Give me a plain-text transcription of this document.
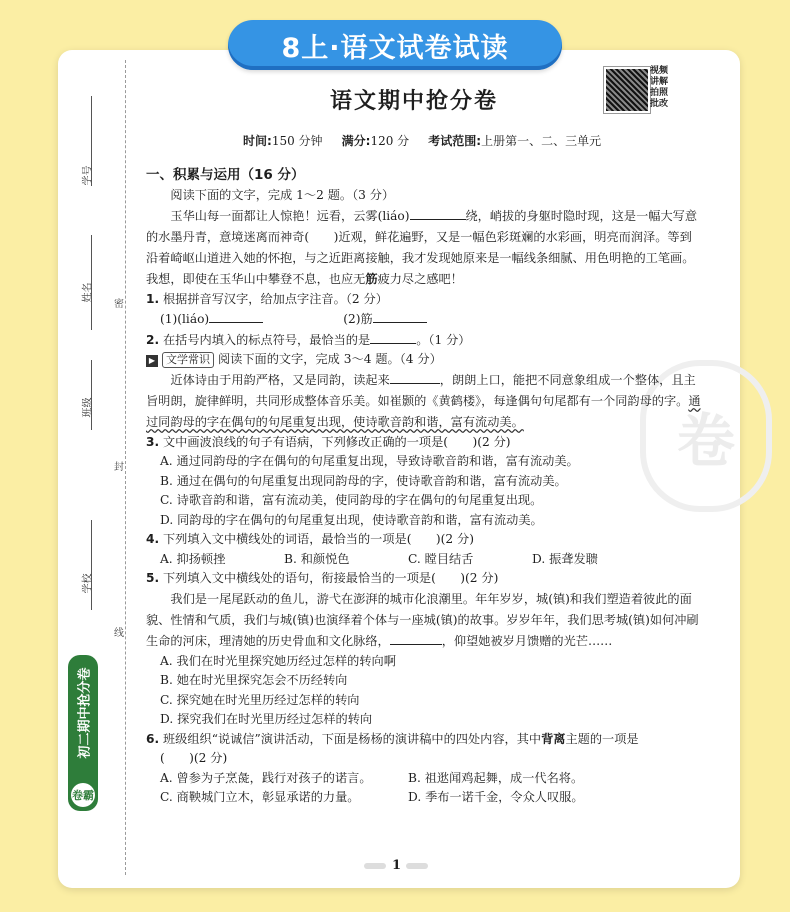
8上·语文试卷试读
卷
学号
姓名
班级
学校
密
封
线
初二期中抢分卷
卷霸
语文期中抢分卷
视频讲解拍照批改
时间:150 分钟 满分:120 分 考试范围:上册第一、二、三单元

一、积累与运用（16 分）

阅读下面的文字，完成 1～2 题。（3 分）

玉华山每一面都让人惊艳！远看，云雾(liáo)	绕，峭拔的身躯时隐时现，这是一幅大写意的水墨丹青，意境迷离而神奇(　　)近观，鲜花遍野，又是一幅色彩斑斓的水彩画，明亮而润泽。等到沿着崎岖山道进入她的怀抱，与之近距离接触，我才发现她原来是一幅线条细腻、用色明艳的工笔画。我想，即使在玉华山中攀登不息，也应无筋疲力尽之感吧！

1. 根据拼音写汉字，给加点字注音。（2 分）

(1)(liáo)	(2)筋

2. 在括号内填入的标点符号，最恰当的是	。（1 分）

▶ 文学常识 阅读下面的文字，完成 3～4 题。（4 分）

近体诗由于用韵严格，又是同韵，读起来	，朗朗上口，能把不同意象组成一个整体，且主旨明朗，旋律鲜明，共同形成整体音乐美。如崔颢的《黄鹤楼》，每逢偶句句尾都有一个同韵母的字。通过同韵母的字在偶句的句尾重复出现，使诗歌音韵和谐，富有流动美。

3. 文中画波浪线的句子有语病，下列修改正确的一项是(　　)(2 分)

A. 通过同韵母的字在偶句的句尾重复出现，导致诗歌音韵和谐，富有流动美。

B. 通过在偶句的句尾重复出现同韵母的字，使诗歌音韵和谐，富有流动美。

C. 诗歌音韵和谐，富有流动美，使同韵母的字在偶句的句尾重复出现。

D. 同韵母的字在偶句的句尾重复出现，使诗歌音韵和谐，富有流动美。

4. 下列填入文中横线处的词语，最恰当的一项是(　　)(2 分)

A. 抑扬顿挫	B. 和颜悦色	C. 瞠目结舌	D. 振聋发聩

5. 下列填入文中横线处的语句，衔接最恰当的一项是(　　)(2 分)

我们是一尾尾跃动的鱼儿，游弋在澎湃的城市化浪潮里。年年岁岁，城(镇)和我们塑造着彼此的面貌、性情和气质，我们与城(镇)也演绎着个体与一座城(镇)的故事。岁岁年年，我们思考城(镇)如何冲刷生命的河床，理清她的历史骨血和文化脉络，	，仰望她被岁月馈赠的光芒……

A. 我们在时光里探究她历经过怎样的转向啊

B. 她在时光里探究怎会不历经转向

C. 探究她在时光里历经过怎样的转向

D. 探究我们在时光里历经过怎样的转向

6. 班级组织“说诚信”演讲活动，下面是杨杨的演讲稿中的四处内容，其中背离主题的一项是

(　　)(2 分)

A. 曾参为子烹彘，践行对孩子的诺言。	B. 祖逖闻鸡起舞，成一代名将。
C. 商鞅城门立木，彰显承诺的力量。	D. 季布一诺千金，令众人叹服。
1
